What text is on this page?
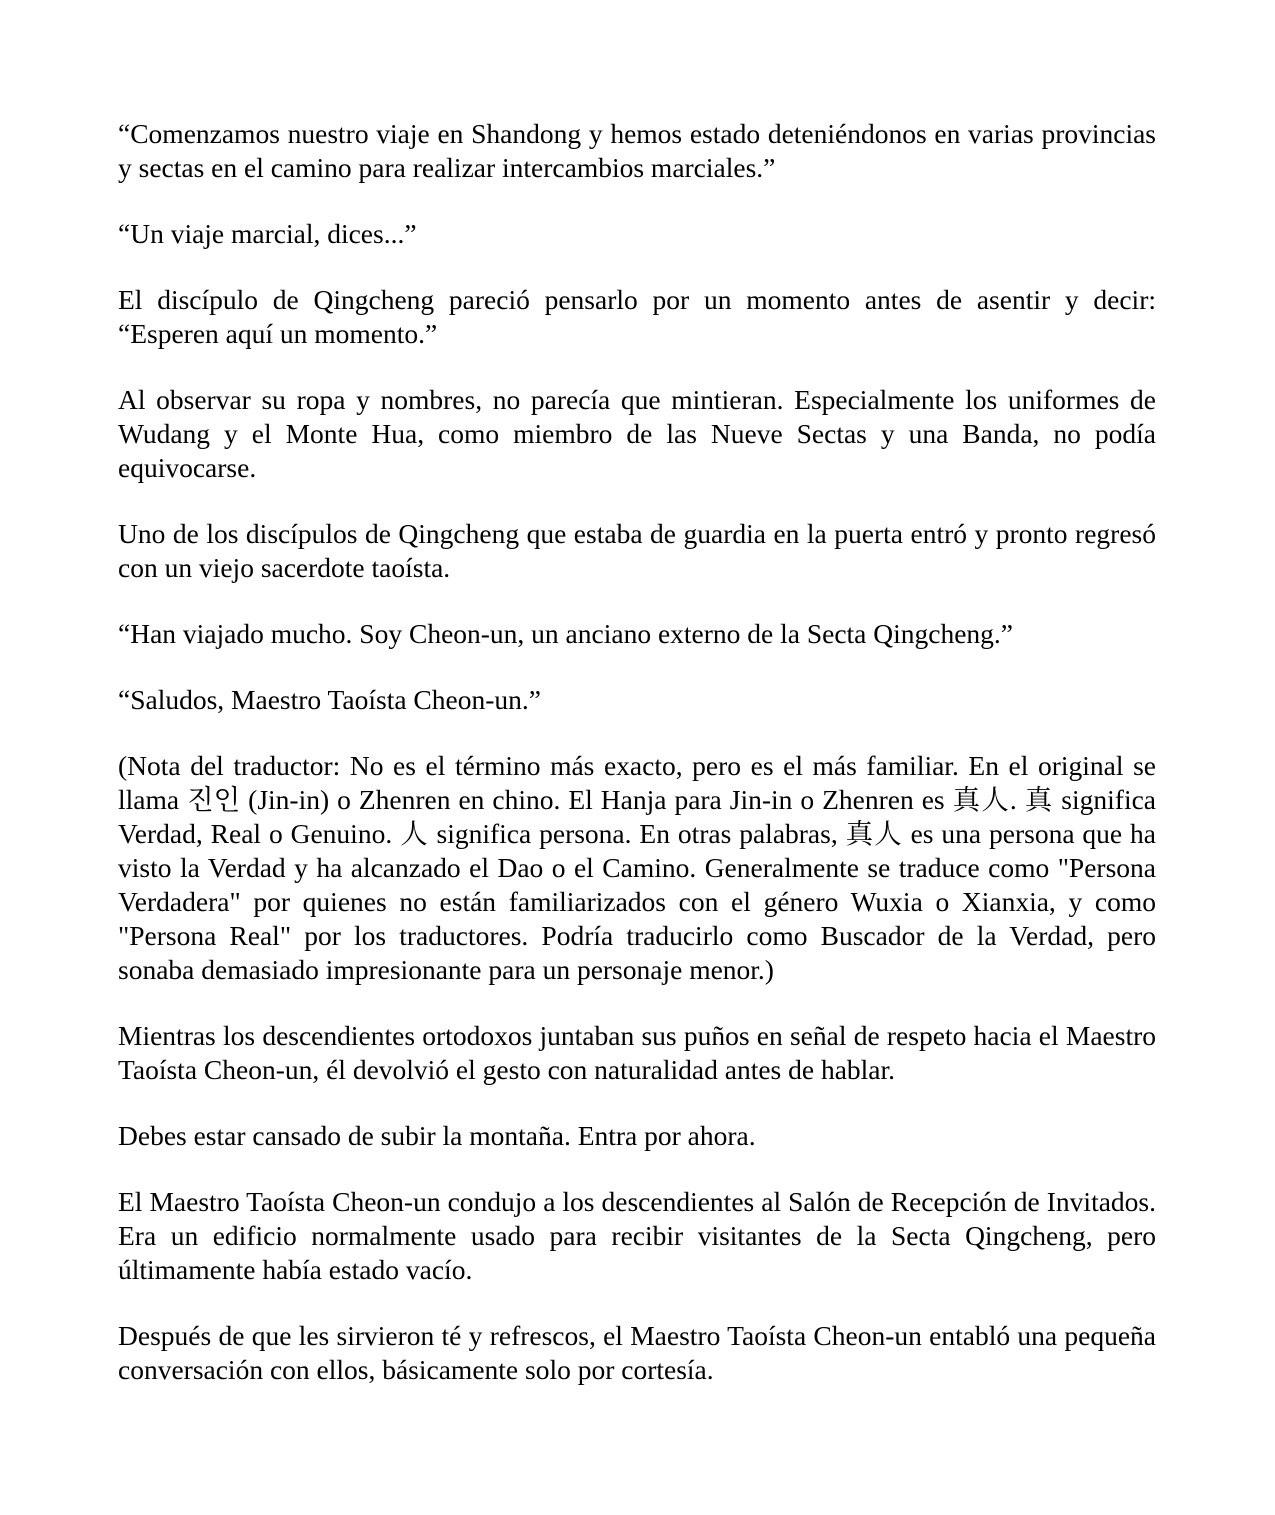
“Comenzamos nuestro viaje en Shandong y hemos estado deteniéndonos en varias provincias y sectas en el camino para realizar intercambios marciales.”

“Un viaje marcial, dices...”

El discípulo de Qingcheng pareció pensarlo por un momento antes de asentir y decir: “Esperen aquí un momento.”

Al observar su ropa y nombres, no parecía que mintieran. Especialmente los uniformes de Wudang y el Monte Hua, como miembro de las Nueve Sectas y una Banda, no podía equivocarse.

Uno de los discípulos de Qingcheng que estaba de guardia en la puerta entró y pronto regresó con un viejo sacerdote taoísta.

“Han viajado mucho. Soy Cheon-un, un anciano externo de la Secta Qingcheng.”

“Saludos, Maestro Taoísta Cheon-un.”

(Nota del traductor: No es el término más exacto, pero es el más familiar. En el original se llama 진인 (Jin-in) o Zhenren en chino. El Hanja para Jin-in o Zhenren es 真人. 真 significa Verdad, Real o Genuino. 人 significa persona. En otras palabras, 真人 es una persona que ha visto la Verdad y ha alcanzado el Dao o el Camino. Generalmente se traduce como "Persona Verdadera" por quienes no están familiarizados con el género Wuxia o Xianxia, y como "Persona Real" por los traductores. Podría traducirlo como Buscador de la Verdad, pero sonaba demasiado impresionante para un personaje menor.)

Mientras los descendientes ortodoxos juntaban sus puños en señal de respeto hacia el Maestro Taoísta Cheon-un, él devolvió el gesto con naturalidad antes de hablar.

Debes estar cansado de subir la montaña. Entra por ahora.

El Maestro Taoísta Cheon-un condujo a los descendientes al Salón de Recepción de Invitados. Era un edificio normalmente usado para recibir visitantes de la Secta Qingcheng, pero últimamente había estado vacío.

Después de que les sirvieron té y refrescos, el Maestro Taoísta Cheon-un entabló una pequeña conversación con ellos, básicamente solo por cortesía.
